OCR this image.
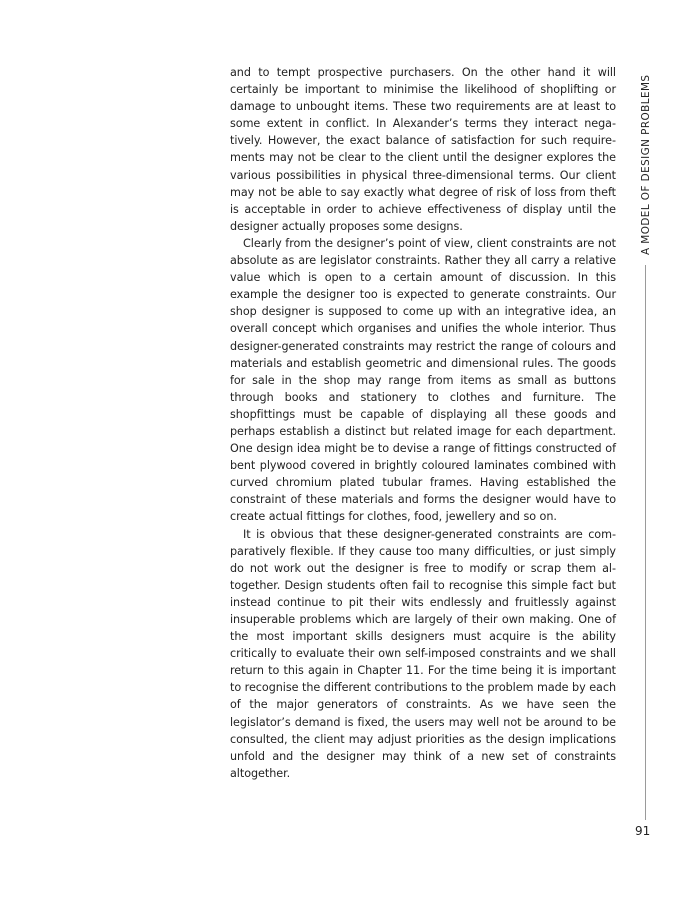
and to tempt prospective purchasers. On the other hand it will certainly be important to minimise the likelihood of shoplifting or damage to unbought items. These two requirements are at least to some extent in conflict. In Alexander’s terms they interact negatively. However, the exact balance of satisfaction for such requirements may not be clear to the client until the designer explores the various possibilities in physical three-dimensional terms. Our client may not be able to say exactly what degree of risk of loss from theft is acceptable in order to achieve effectiveness of display until the designer actually proposes some designs.

Clearly from the designer’s point of view, client constraints are not absolute as are legislator constraints. Rather they all carry a relative value which is open to a certain amount of discussion. In this example the designer too is expected to generate constraints. Our shop designer is supposed to come up with an integrative idea, an overall concept which organises and unifies the whole interior. Thus designer-generated constraints may restrict the range of colours and materials and establish geometric and dimensional rules. The goods for sale in the shop may range from items as small as buttons through books and stationery to clothes and furniture. The shopfittings must be capable of displaying all these goods and perhaps establish a distinct but related image for each department. One design idea might be to devise a range of fittings constructed of bent plywood covered in brightly coloured laminates combined with curved chromium plated tubular frames. Having established the constraint of these materials and forms the designer would have to create actual fittings for clothes, food, jewellery and so on.

It is obvious that these designer-generated constraints are comparatively flexible. If they cause too many difficulties, or just simply do not work out the designer is free to modify or scrap them altogether. Design students often fail to recognise this simple fact but instead continue to pit their wits endlessly and fruitlessly against insuperable problems which are largely of their own making. One of the most important skills designers must acquire is the ability critically to evaluate their own self-imposed constraints and we shall return to this again in Chapter 11. For the time being it is important to recognise the different contributions to the problem made by each of the major generators of constraints. As we have seen the legislator’s demand is fixed, the users may well not be around to be consulted, the client may adjust priorities as the design implications unfold and the designer may think of a new set of constraints altogether.

A MODEL OF DESIGN PROBLEMS
91
